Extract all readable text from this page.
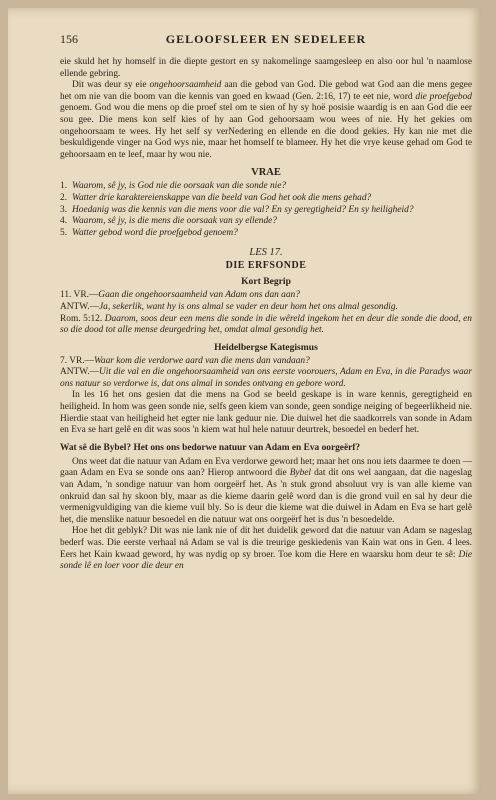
156	GELOOFSLEER EN SEDELEER

eie skuld het hy homself in die diepte gestort en sy nakomelinge saamgesleep en also oor hul 'n naamlose ellende gebring.

Dit was deur sy eie ongehoorsaamheid aan die gebod van God. Die gebod wat God aan die mens gegee het om nie van die boom van die kennis van goed en kwaad (Gen. 2:16, 17) te eet nie, word die proefgebod genoem. God wou die mens op die proef stel om te sien of hy sy hoë posisie waardig is en aan God die eer sou gee. Die mens kon self kies of hy aan God gehoorsaam wou wees of nie. Hy het gekies om ongehoorsaam te wees. Hy het self sy verNedering en ellende en die dood gekies. Hy kan nie met die beskuldigende vinger na God wys nie, maar het homself te blameer. Hy het die vrye keuse gehad om God te gehoorsaam en te leef, maar hy wou nie.

VRAE
1. Waarom, sê jy, is God nie die oorsaak van die sonde nie?
2. Watter drie karaktereienskappe van die beeld van God het ook die mens gehad?
3. Hoedanig was die kennis van die mens voor die val? En sy geregtigheid? En sy heiligheid?
4. Waarom, sê jy, is die mens die oorsaak van sy ellende?
5. Watter gebod word die proefgebod genoem?
LES 17.
DIE ERFSONDE
Kort Begrip
11. VR.—Gaan die ongehoorsaamheid van Adam ons dan aan?
ANTW.—Ja, sekerlik, want hy is ons almal se vader en deur hom het ons almal gesondig.
Rom. 5:12. Daarom, soos deur een mens die sonde in die wêreld ingekom het en deur die sonde die dood, en so die dood tot alle mense deurgedring het, omdat almal gesondig het.
Heidelbergse Kategismus
7. VR.—Waar kom die verdorwe aard van die mens dan vandaan?
ANTW.—Uit die val en die ongehoorsaamheid van ons eerste voorouers, Adam en Eva, in die Paradys waar ons natuur so verdorwe is, dat ons almal in sondes ontvang en gebore word.

In les 16 het ons gesien dat die mens na God se beeld geskape is in ware kennis, geregtigheid en heiligheid. In hom was geen sonde nie, selfs geen kiem van sonde, geen sondige neiging of begeerlikheid nie. Hierdie staat van heiligheid het egter nie lank geduur nie. Die duiwel het die saadkorrels van sonde in Adam en Eva se hart gelê en dit was soos 'n kiem wat hul hele natuur deurtrek, besoedel en bederf het.

Wat sê die Bybel? Het ons ons bedorwe natuur van Adam en Eva oorgeërf?

Ons weet dat die natuur van Adam en Eva verdorwe geword het; maar het ons nou iets daarmee te doen — gaan Adam en Eva se sonde ons aan? Hierop antwoord die Bybel dat dit ons wel aangaan, dat die nageslag van Adam, 'n sondige natuur van hom oorgeërf het. As 'n stuk grond absoluut vry is van alle kieme van onkruid dan sal hy skoon bly, maar as die kieme daarin gelê word dan is die grond vuil en sal hy deur die vermenigvuldiging van die kieme vuil bly. So is deur die kieme wat die duiwel in Adam en Eva se hart gelê het, die menslike natuur besoedel en die natuur wat ons oorgeërf het is dus 'n besoedelde.

Hoe het dit geblyk? Dit was nie lank nie of dit het duidelik geword dat die natuur van Adam se nageslag bederf was. Die eerste verhaal ná Adam se val is die treurige geskiedenis van Kain wat ons in Gen. 4 lees. Eers het Kain kwaad geword, hy was nydig op sy broer. Toe kom die Here en waarsku hom deur te sê: Die sonde lê en loer voor die deur en
